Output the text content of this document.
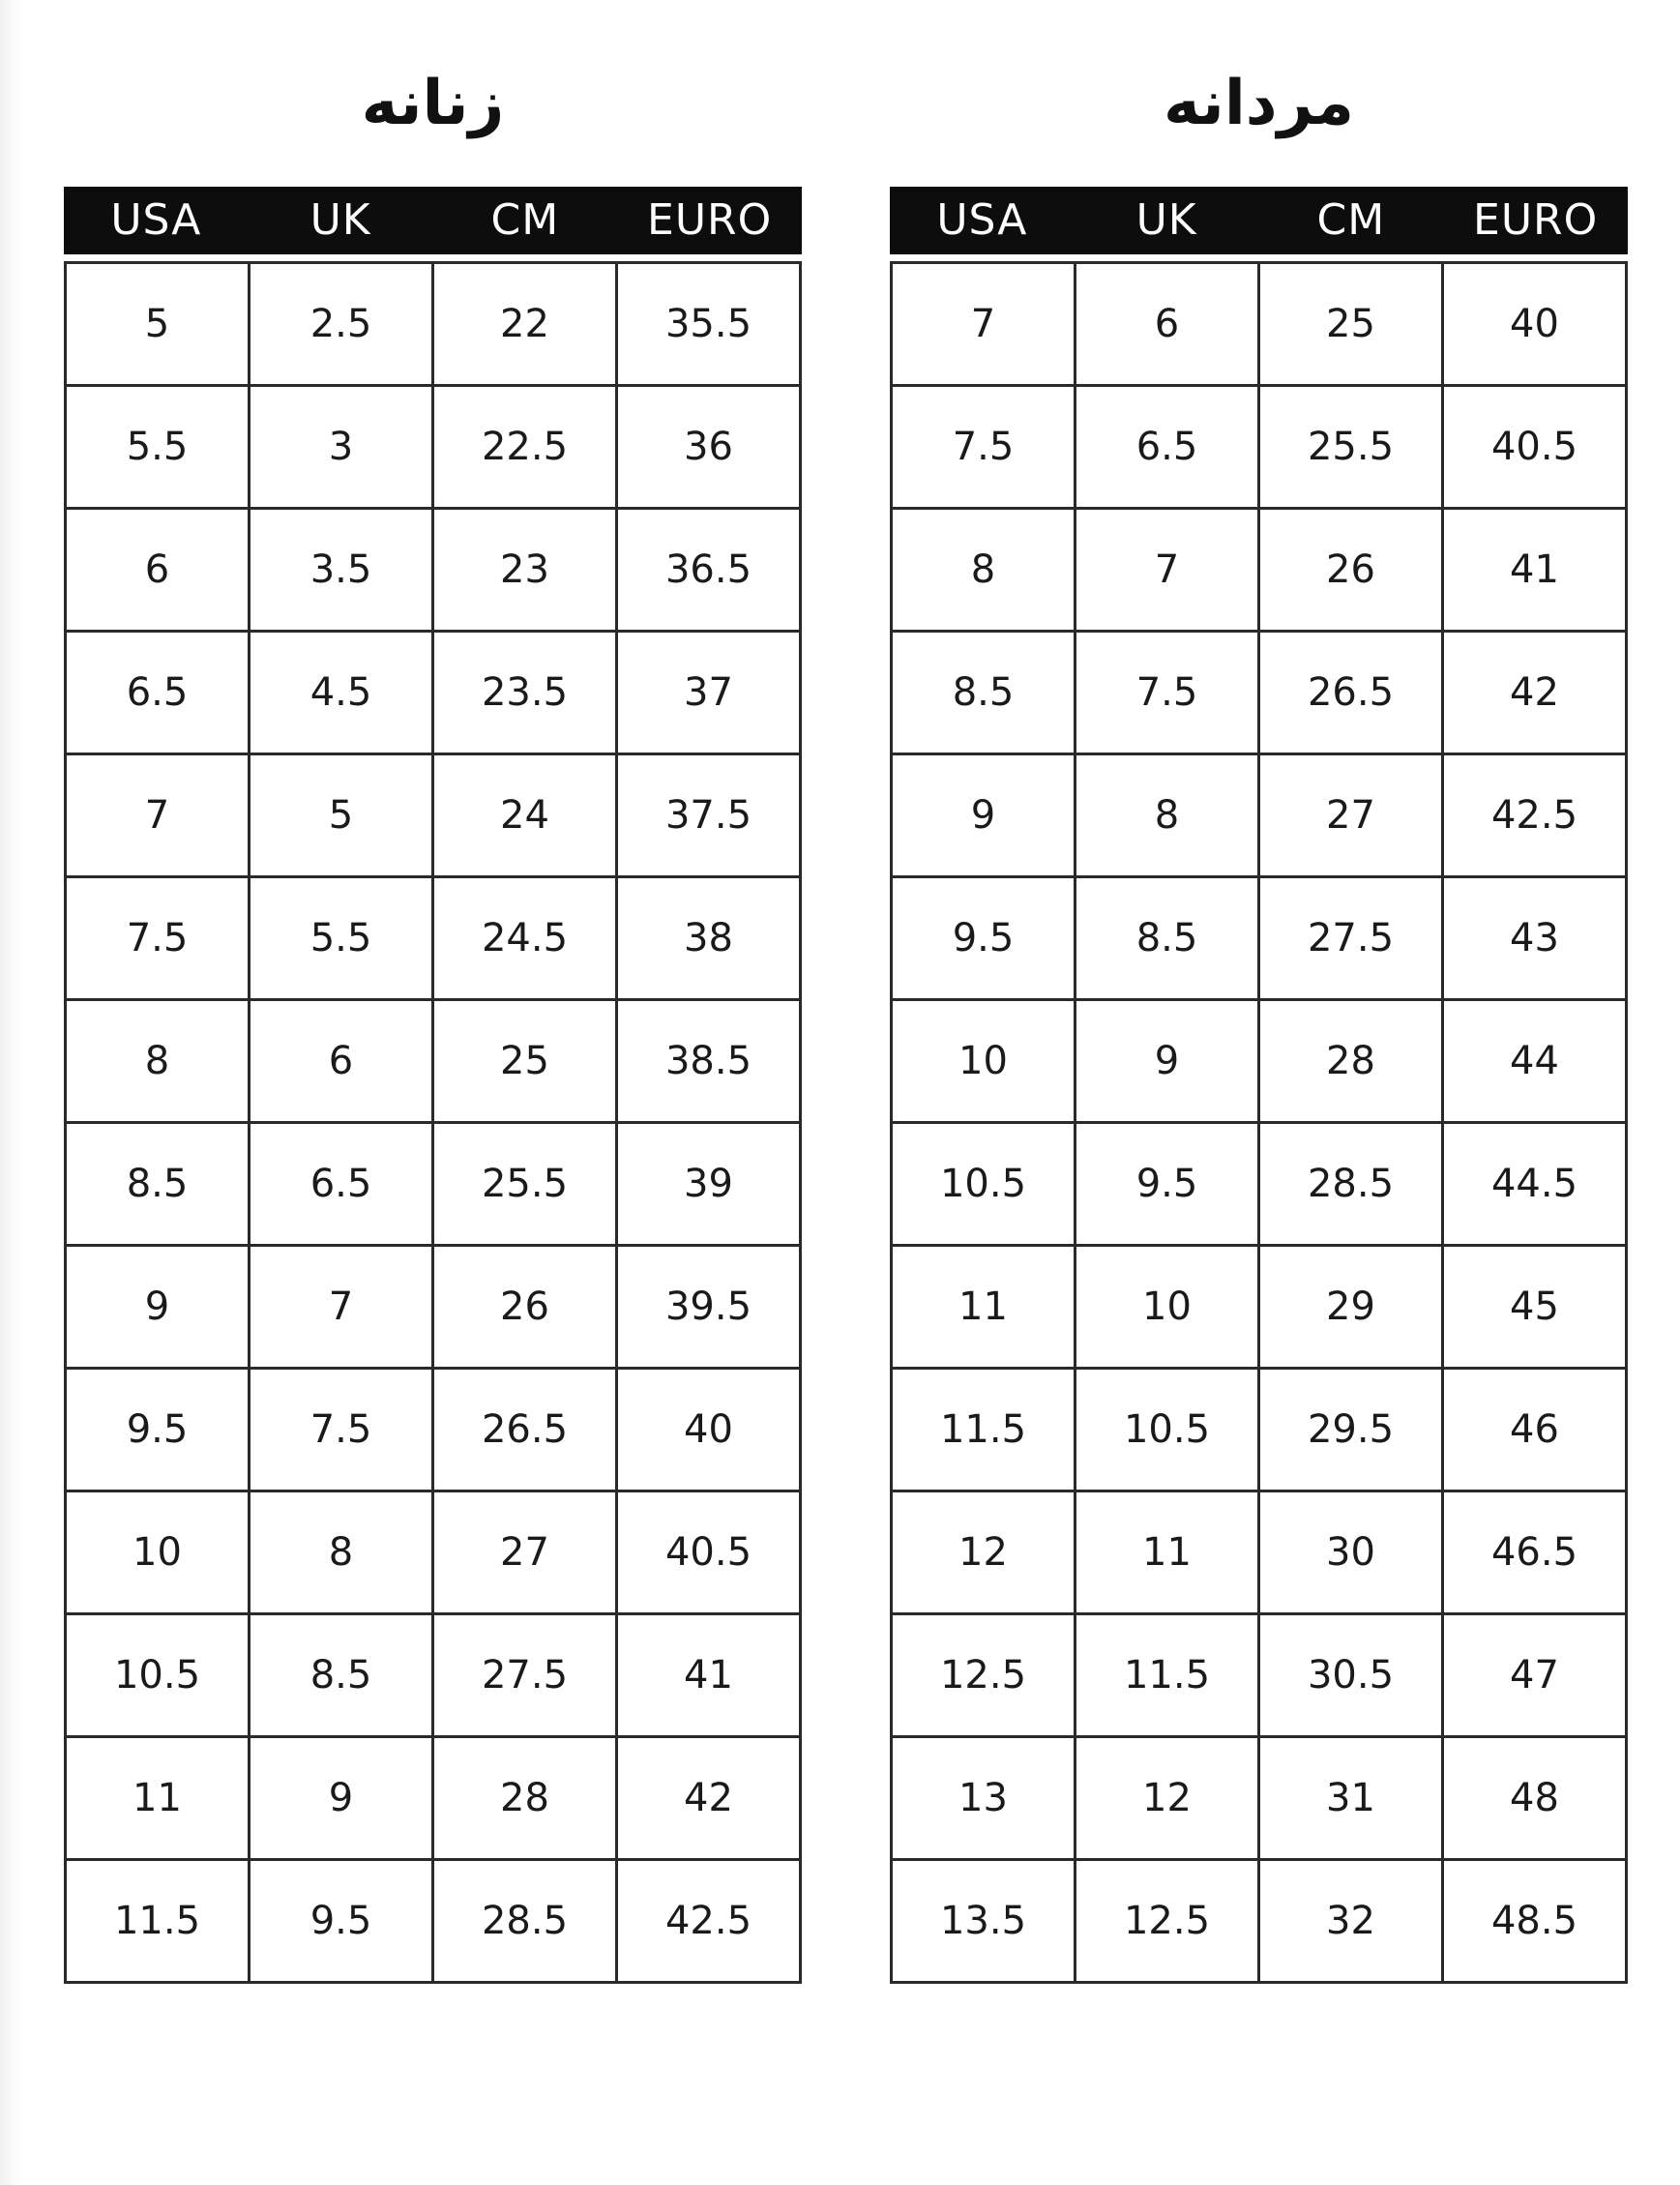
زنانه
USA	UK	CM	EURO
5	2.5	22	35.5
5.5	3	22.5	36
6	3.5	23	36.5
6.5	4.5	23.5	37
7	5	24	37.5
7.5	5.5	24.5	38
8	6	25	38.5
8.5	6.5	25.5	39
9	7	26	39.5
9.5	7.5	26.5	40
10	8	27	40.5
10.5	8.5	27.5	41
11	9	28	42
11.5	9.5	28.5	42.5
مردانه
USA	UK	CM	EURO
7	6	25	40
7.5	6.5	25.5	40.5
8	7	26	41
8.5	7.5	26.5	42
9	8	27	42.5
9.5	8.5	27.5	43
10	9	28	44
10.5	9.5	28.5	44.5
11	10	29	45
11.5	10.5	29.5	46
12	11	30	46.5
12.5	11.5	30.5	47
13	12	31	48
13.5	12.5	32	48.5
